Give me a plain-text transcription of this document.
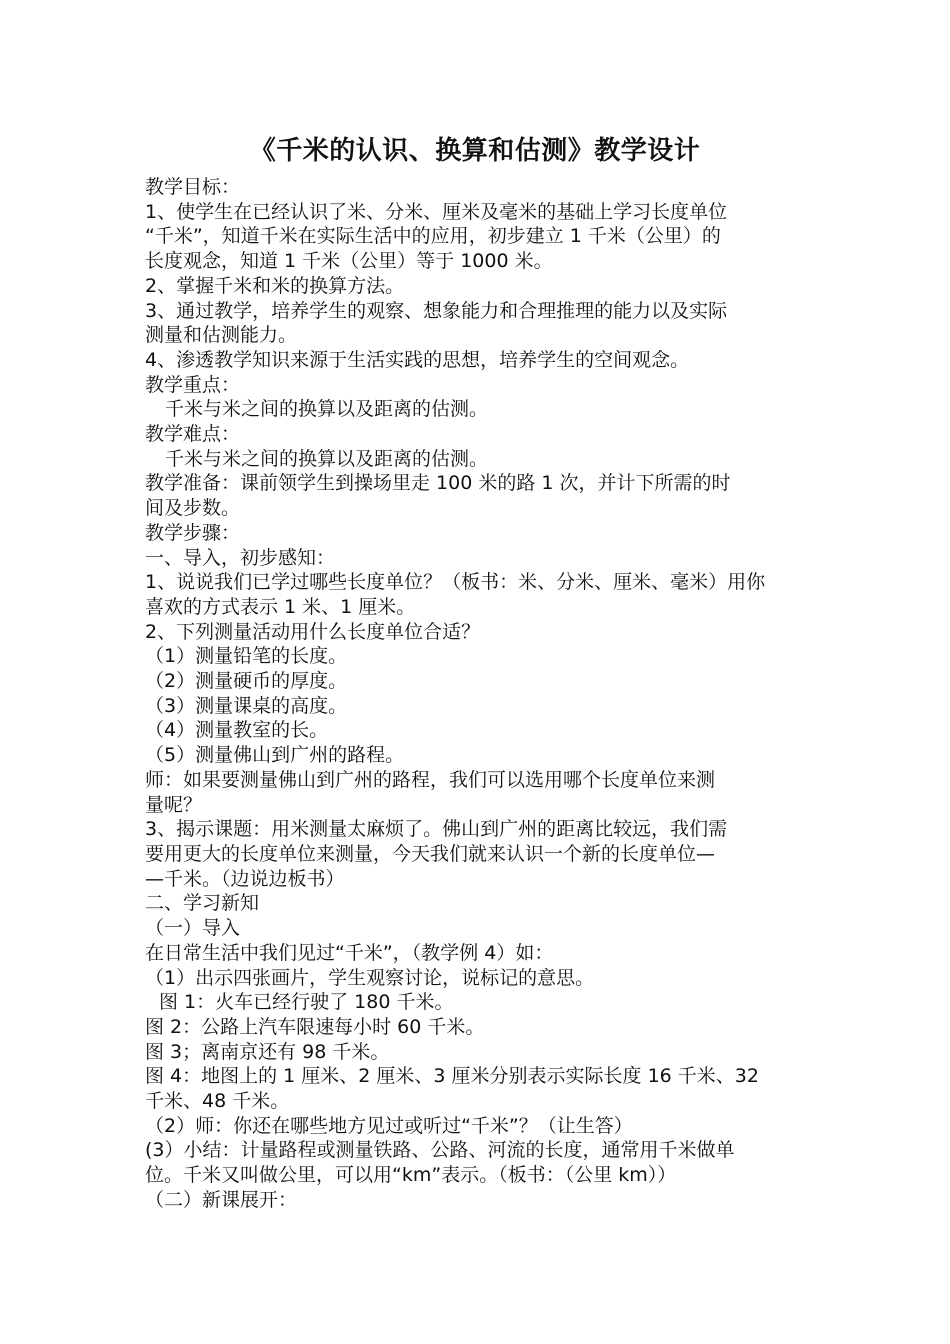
《千米的认识、换算和估测》教学设计

教学目标：

1、使学生在已经认识了米、分米、厘米及毫米的基础上学习长度单位

“千米”，知道千米在实际生活中的应用，初步建立 1 千米（公里）的

长度观念，知道 1 千米（公里）等于 1000 米。

2、掌握千米和米的换算方法。

3、通过教学，培养学生的观察、想象能力和合理推理的能力以及实际

测量和估测能力。

4、渗透教学知识来源于生活实践的思想，培养学生的空间观念。

教学重点：

千米与米之间的换算以及距离的估测。

教学难点：

千米与米之间的换算以及距离的估测。

教学准备：课前领学生到操场里走 100 米的路 1 次，并计下所需的时

间及步数。

教学步骤：

一、导入，初步感知：

1、说说我们已学过哪些长度单位？（板书：米、分米、厘米、毫米）用你

喜欢的方式表示 1 米、1 厘米。

2、下列测量活动用什么长度单位合适？

（1）测量铅笔的长度。

（2）测量硬币的厚度。

（3）测量课桌的高度。

（4）测量教室的长。

（5）测量佛山到广州的路程。

师：如果要测量佛山到广州的路程，我们可以选用哪个长度单位来测

量呢？

3、揭示课题：用米测量太麻烦了。佛山到广州的距离比较远，我们需

要用更大的长度单位来测量，今天我们就来认识一个新的长度单位—

—千米。（边说边板书）

二、学习新知

（一）导入

在日常生活中我们见过“千米”，（教学例 4）如：

（1）出示四张画片，学生观察讨论，说标记的意思。

图 1：火车已经行驶了 180 千米。

图 2：公路上汽车限速每小时 60 千米。

图 3；离南京还有 98 千米。

图 4：地图上的 1 厘米、2 厘米、3 厘米分别表示实际长度 16 千米、32

千米、48 千米。

（2）师：你还在哪些地方见过或听过“千米”？（让生答）

(3）小结：计量路程或测量铁路、公路、河流的长度，通常用千米做单

位。千米又叫做公里，可以用“km”表示。（板书：（公里 km））

（二）新课展开：
